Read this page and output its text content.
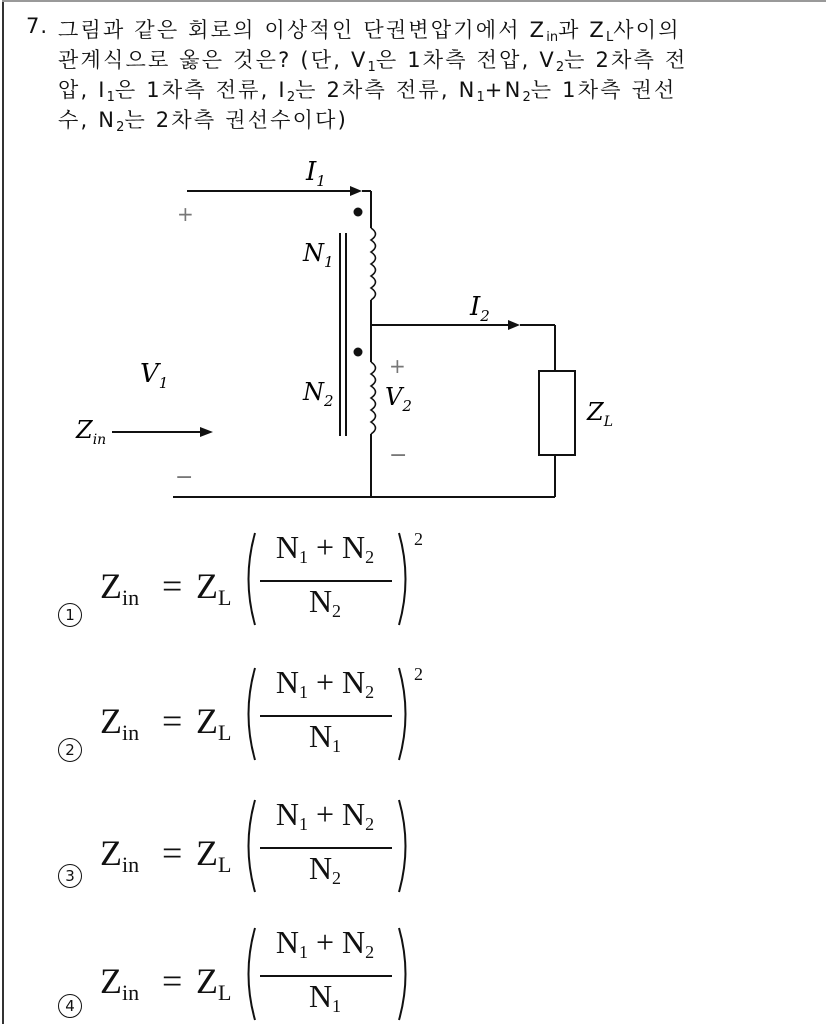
7. 그림과 같은 회로의 이상적인 단권변압기에서 $Z_{in}$과 $Z_L$사이의
관계식으로 옳은 것은? (단, $V_1$은 1차측 전압, $V_2$는 2차측 전
압, $I_1$은 1차측 전류, $I_2$는 2차측 전류, $N_1+N_2$는 1차측 권선
수, $N_2$는 2차측 권선수이다)
+
−
+
−
$I_1$
$I_2$
$N_1$
$N_2$
$V_1$	$V_2$
$Z_{in}$
$Z_L$
1
$Z_{in} = Z_L$
$N_1 + N_2$
$N_2$
2
2
$Z_{in} = Z_L$
$N_1 + N_2$
$N_1$
2
3
$Z_{in} = Z_L$
$N_1 + N_2$
$N_2$
4
$Z_{in} = Z_L$
$N_1 + N_2$
$N_1$
